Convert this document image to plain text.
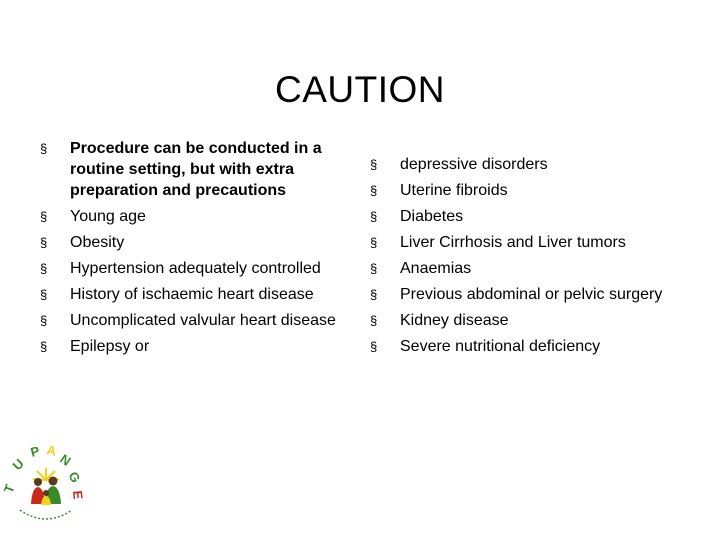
CAUTION
§ Procedure can be conducted in a routine setting, but with extra preparation and precautions
§ Young age
§ Obesity
§ Hypertension adequately controlled
§ History of ischaemic heart disease
§ Uncomplicated valvular heart disease
§ Epilepsy or
§ depressive disorders
§ Uterine fibroids
§ Diabetes
§ Liver Cirrhosis and Liver tumors
§ Anaemias
§ Previous abdominal or pelvic surgery
§ Kidney disease
§ Severe nutritional deficiency
T
U
P A
N
G
E
